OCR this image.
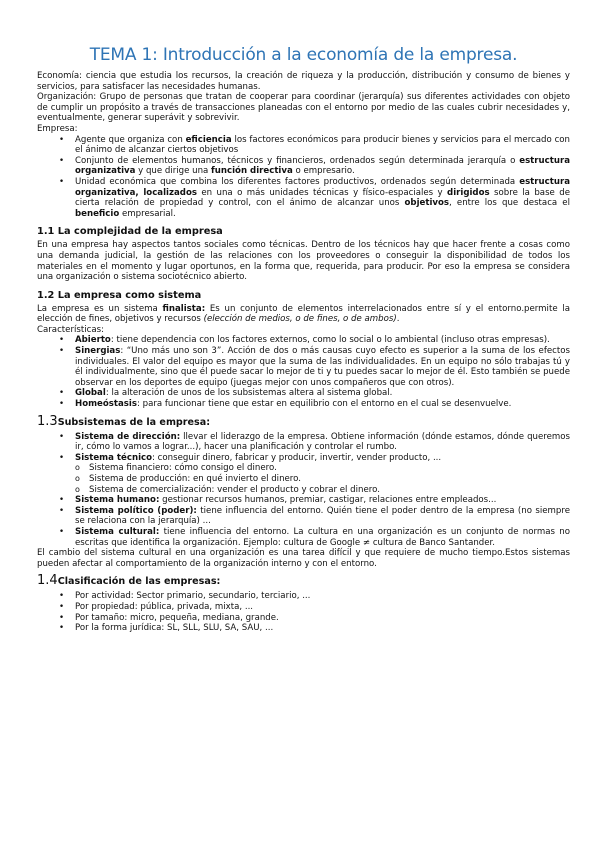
TEMA 1: Introducción a la economía de la empresa.

Economía: ciencia que estudia los recursos, la creación de riqueza y la producción, distribución y consumo de bienes y servicios, para satisfacer las necesidades humanas.

Organización: Grupo de personas que tratan de cooperar para coordinar (jerarquía) sus diferentes actividades con objeto de cumplir un propósito a través de transacciones planeadas con el entorno por medio de las cuales cubrir necesidades y, eventualmente, generar superávit y sobrevivir.

Empresa:

• Agente que organiza con eficiencia los factores económicos para producir bienes y servicios para el mercado con el ánimo de alcanzar ciertos objetivos
• Conjunto de elementos humanos, técnicos y financieros, ordenados según determinada jerarquía o estructura organizativa y que dirige una función directiva o empresario.
• Unidad económica que combina los diferentes factores productivos, ordenados según determinada estructura organizativa, localizados en una o más unidades técnicas y físico-espaciales y dirigidos sobre la base de cierta relación de propiedad y control, con el ánimo de alcanzar unos objetivos, entre los que destaca el beneficio empresarial.
1.1 La complejidad de la empresa

En una empresa hay aspectos tantos sociales como técnicas. Dentro de los técnicos hay que hacer frente a cosas como una demanda judicial, la gestión de las relaciones con los proveedores o conseguir la disponibilidad de todos los materiales en el momento y lugar oportunos, en la forma que, requerida, para producir. Por eso la empresa se considera una organización o sistema sociotécnico abierto.

1.2 La empresa como sistema

La empresa es un sistema finalista: Es un conjunto de elementos interrelacionados entre sí y el entorno.permite la elección de fines, objetivos y recursos (elección de medios, o de fines, o de ambos).

Características:

• Abierto: tiene dependencia con los factores externos, como lo social o lo ambiental (incluso otras empresas).
• Sinergias: “Uno más uno son 3”. Acción de dos o más causas cuyo efecto es superior a la suma de los efectos individuales. El valor del equipo es mayor que la suma de las individualidades. En un equipo no sólo trabajas tú y él individualmente, sino que él puede sacar lo mejor de ti y tu puedes sacar lo mejor de él. Esto también se puede observar en los deportes de equipo (juegas mejor con unos compañeros que con otros).
• Global: la alteración de unos de los subsistemas altera al sistema global.
• Homeóstasis: para funcionar tiene que estar en equilibrio con el entorno en el cual se desenvuelve.
1.3Subsistemas de la empresa:
• Sistema de dirección: llevar el liderazgo de la empresa. Obtiene información (dónde estamos, dónde queremos ir, cómo lo vamos a lograr...), hacer una planificación y controlar el rumbo.
• Sistema técnico: conseguir dinero, fabricar y producir, invertir, vender producto, ...
o Sistema financiero: cómo consigo el dinero.
o Sistema de producción: en qué invierto el dinero.
o Sistema de comercialización: vender el producto y cobrar el dinero.
• Sistema humano: gestionar recursos humanos, premiar, castigar, relaciones entre empleados...
• Sistema político (poder): tiene influencia del entorno. Quién tiene el poder dentro de la empresa (no siempre se relaciona con la jerarquía) ...
• Sistema cultural: tiene influencia del entorno. La cultura en una organización es un conjunto de normas no escritas que identifica la organización. Ejemplo: cultura de Google ≠ cultura de Banco Santander.

El cambio del sistema cultural en una organización es una tarea difícil y que requiere de mucho tiempo.Estos sistemas pueden afectar al comportamiento de la organización interno y con el entorno.

1.4Clasificación de las empresas:
• Por actividad: Sector primario, secundario, terciario, ...
• Por propiedad: pública, privada, mixta, ...
• Por tamaño: micro, pequeña, mediana, grande.
• Por la forma jurídica: SL, SLL, SLU, SA, SAU, ...
